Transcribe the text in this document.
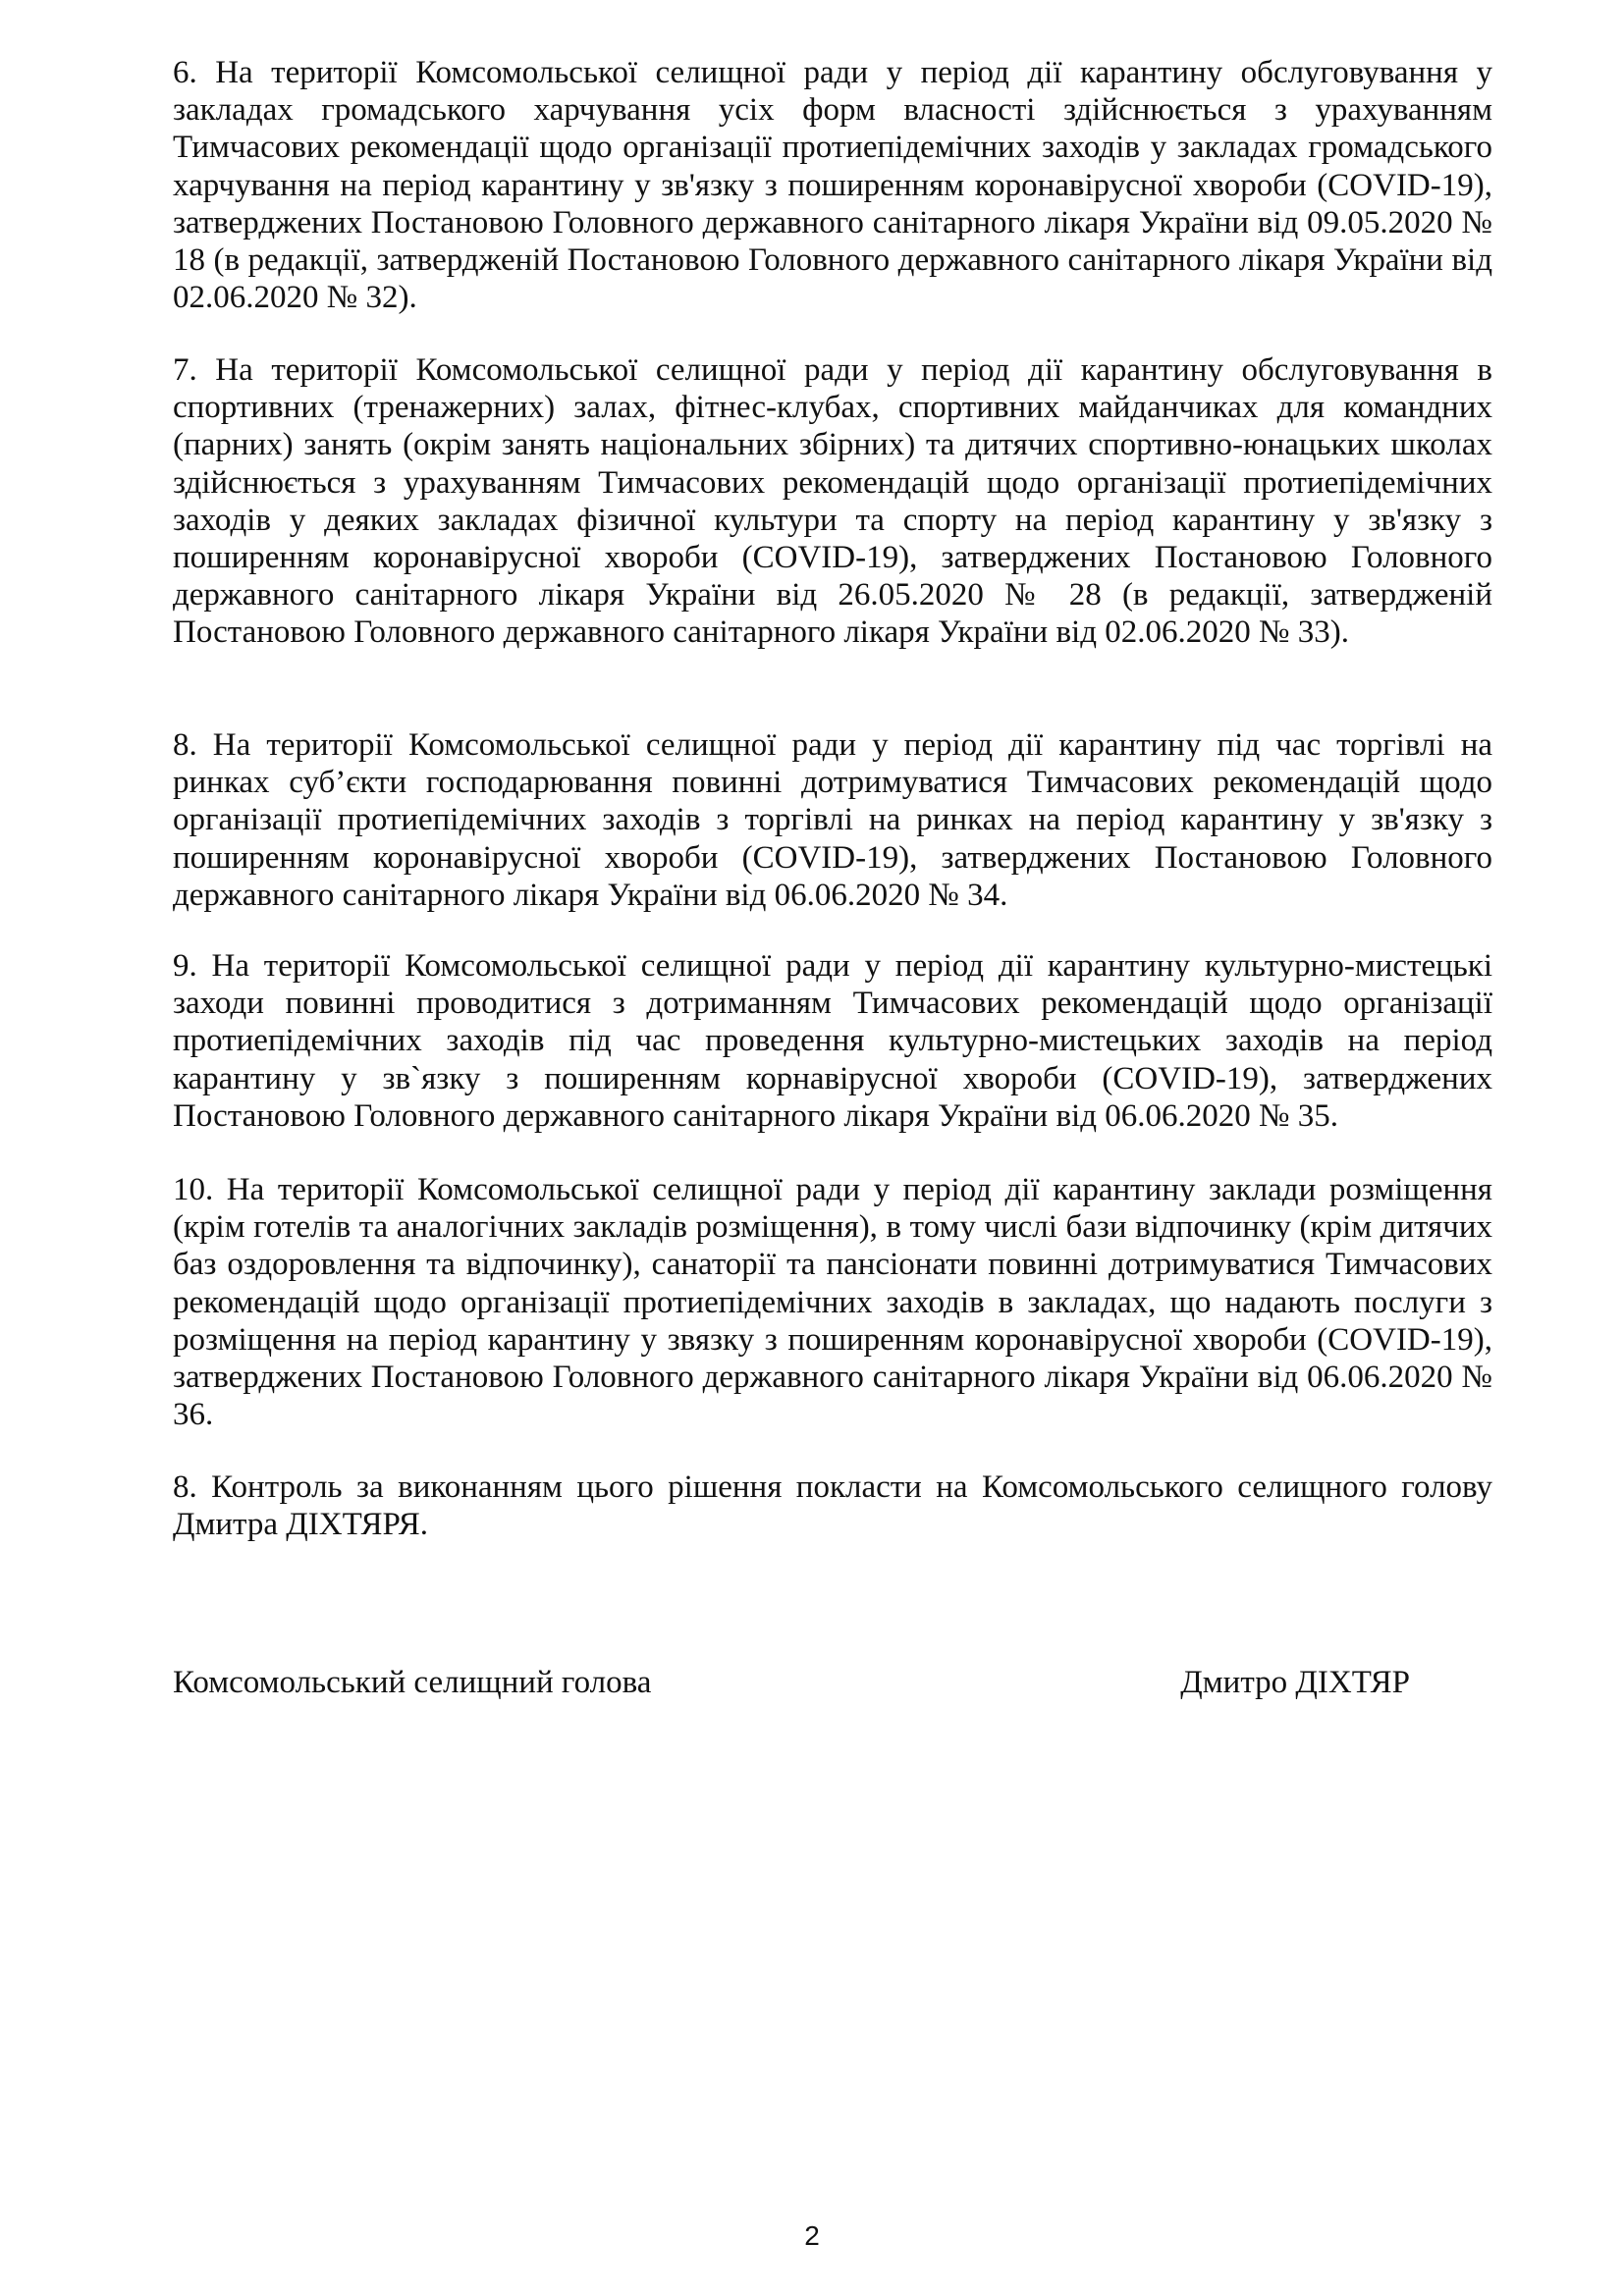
6. На території Комсомольської селищної ради у період дії карантину обслуговування у закладах громадського харчування усіх форм власності здійснюється з урахуванням Тимчасових рекомендації щодо організації протиепідемічних заходів у закладах громадського харчування на період карантину у зв'язку з поширенням коронавірусної хвороби (COVID-19), затверджених Постановою Головного державного санітарного лікаря України від 09.05.2020 № 18 (в редакції, затвердженій Постановою Головного державного санітарного лікаря України від 02.06.2020 № 32).

7. На території Комсомольської селищної ради у період дії карантину обслуговування в спортивних (тренажерних) залах, фітнес-клубах, спортивних майданчиках для командних (парних) занять (окрім занять національних збірних) та дитячих спортивно-юнацьких школах здійснюється з урахуванням Тимчасових рекомендацій щодо організації протиепідемічних заходів у деяких закладах фізичної культури та спорту на період карантину у зв'язку з поширенням коронавірусної хвороби (COVID-19), затверджених Постановою Головного державного санітарного лікаря України від 26.05.2020 № 28 (в редакції, затвердженій Постановою Головного державного санітарного лікаря України від 02.06.2020 № 33).

8. На території Комсомольської селищної ради у період дії карантину під час торгівлі на ринках суб’єкти господарювання повинні дотримуватися Тимчасових рекомендацій щодо організації протиепідемічних заходів з торгівлі на ринках на період карантину у зв'язку з поширенням коронавірусної хвороби (COVID-19), затверджених Постановою Головного державного санітарного лікаря України від 06.06.2020 № 34.

9. На території Комсомольської селищної ради у період дії карантину культурно-мистецькі заходи повинні проводитися з дотриманням Тимчасових рекомендацій щодо організації протиепідемічних заходів під час проведення культурно-мистецьких заходів на період карантину у зв`язку з поширенням корнавірусної хвороби (COVID-19), затверджених Постановою Головного державного санітарного лікаря України від 06.06.2020 № 35.

10. На території Комсомольської селищної ради у період дії карантину заклади розміщення (крім готелів та аналогічних закладів розміщення), в тому числі бази відпочинку (крім дитячих баз оздоровлення та відпочинку), санаторії та пансіонати повинні дотримуватися Тимчасових рекомендацій щодо організації протиепідемічних заходів в закладах, що надають послуги з розміщення на період карантину у звязку з поширенням коронавірусної хвороби (COVID-19), затверджених Постановою Головного державного санітарного лікаря України від 06.06.2020 № 36.

8. Контроль за виконанням цього рішення покласти на Комсомольського селищного голову Дмитра ДІХТЯРЯ.

Комсомольський селищний голова	Дмитро ДІХТЯР
2
